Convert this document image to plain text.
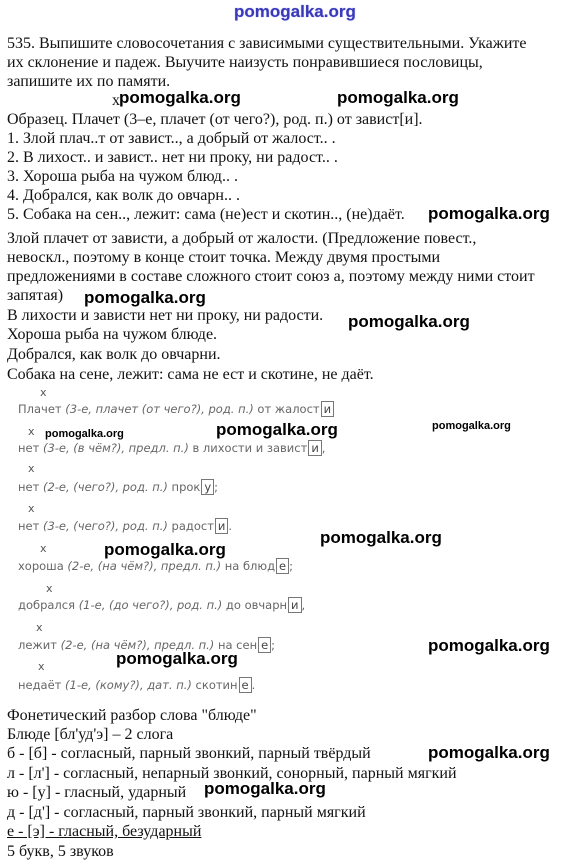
pomogalka.org
535. Выпишите словосочетания с зависимыми существительными. Укажите
их склонение и падеж. Выучите наизусть понравившиеся пословицы,
запишите их по памяти.
x pomogalka.org	pomogalka.org
Образец. Плачет (3–е, плачет (от чего?), род. п.) от завист[и].
1. Злой плач..т от завист.., а добрый от жалост.. .
2. В лихост.. и завист.. нет ни проку, ни радост.. .
3. Хороша рыба на чужом блюд.. .
4. Добрался, как волк до овчарн.. .
5. Собака на сен.., лежит: сама (не)ест и скотин.., (не)даёт. pomogalka.org
Злой плачет от зависти, а добрый от жалости. (Предложение повест.,
невоскл., поэтому в конце стоит точка. Между двумя простыми
предложениями в составе сложного стоит союз а, поэтому между ними стоит
запятая) pomogalka.org
В лихости и зависти нет ни проку, ни радости. pomogalka.org
Хороша рыба на чужом блюде.
Добрался, как волк до овчарни.
Собака на сене, лежит: сама не ест и скотине, не даёт.
x
Плачет (3-е, плачет (от чего?), род. п.) от жалост и
x pomogalka.org	pomogalka.org	pomogalka.org
нет (3-е, (в чём?), предл. п.) в лихости и завист и ,
x
нет (2-е, (чего?), род. п.) прок у ;
x
нет (3-е, (чего?), род. п.) радост и .
pomogalka.org
x	pomogalka.org
хороша (2-е, (на чём?), предл. п.) на блюд е ;
x
добрался (1-е, (до чего?), род. п.) до овчарн и ,
x
лежит (2-е, (на чём?), предл. п.) на сен е ;	pomogalka.org
pomogalka.org
x
недаёт (1-е, (кому?), дат. п.) скотин е .
Фонетический разбор слова "блюде"
Блюде [бл'уд'э] – 2 слога
б - [б] - согласный, парный звонкий, парный твёрдый	pomogalka.org
л - [л'] - согласный, непарный звонкий, сонорный, парный мягкий
ю - [у] - гласный, ударный pomogalka.org
д - [д'] - согласный, парный звонкий, парный мягкий
е - [э] - гласный, безударный
5 букв, 5 звуков
